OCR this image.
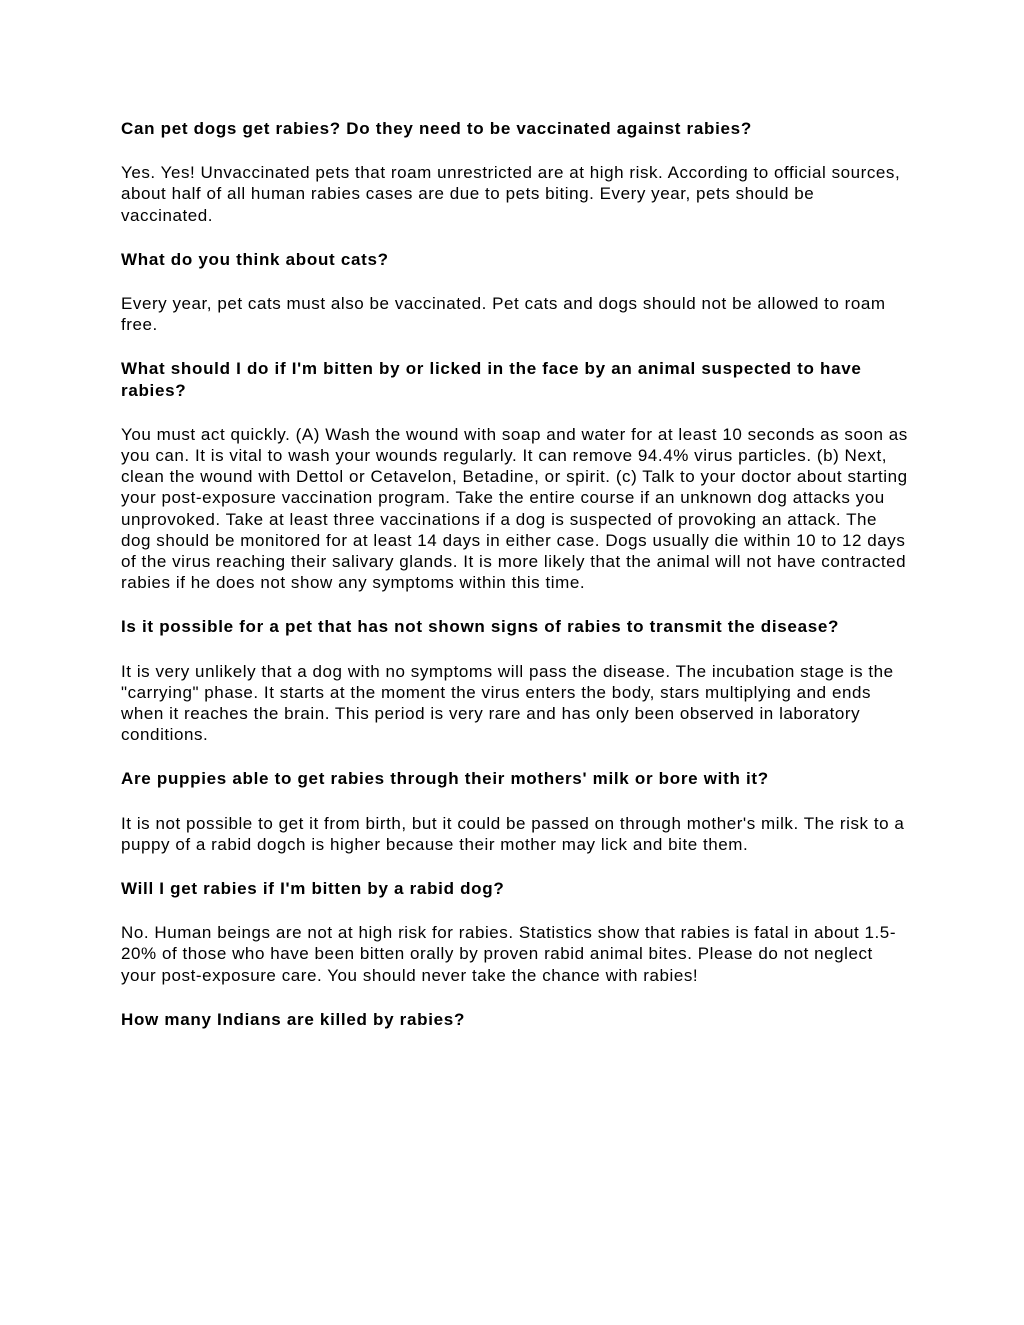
Can pet dogs get rabies? Do they need to be vaccinated against rabies?

Yes. Yes! Unvaccinated pets that roam unrestricted are at high risk. According to official sources, about half of all human rabies cases are due to pets biting. Every year, pets should be vaccinated.

What do you think about cats?

Every year, pet cats must also be vaccinated. Pet cats and dogs should not be allowed to roam free.

What should I do if I'm bitten by or licked in the face by an animal suspected to have rabies?

You must act quickly. (A) Wash the wound with soap and water for at least 10 seconds as soon as you can. It is vital to wash your wounds regularly. It can remove 94.4% virus particles. (b) Next, clean the wound with Dettol or Cetavelon, Betadine, or spirit. (c) Talk to your doctor about starting your post-exposure vaccination program. Take the entire course if an unknown dog attacks you unprovoked. Take at least three vaccinations if a dog is suspected of provoking an attack. The dog should be monitored for at least 14 days in either case. Dogs usually die within 10 to 12 days of the virus reaching their salivary glands. It is more likely that the animal will not have contracted rabies if he does not show any symptoms within this time.

Is it possible for a pet that has not shown signs of rabies to transmit the disease?

It is very unlikely that a dog with no symptoms will pass the disease. The incubation stage is the "carrying" phase. It starts at the moment the virus enters the body, stars multiplying and ends when it reaches the brain. This period is very rare and has only been observed in laboratory conditions.

Are puppies able to get rabies through their mothers' milk or bore with it?

It is not possible to get it from birth, but it could be passed on through mother's milk. The risk to a puppy of a rabid dogch is higher because their mother may lick and bite them.

Will I get rabies if I'm bitten by a rabid dog?

No. Human beings are not at high risk for rabies. Statistics show that rabies is fatal in about 1.5-20% of those who have been bitten orally by proven rabid animal bites. Please do not neglect your post-exposure care. You should never take the chance with rabies!

How many Indians are killed by rabies?
